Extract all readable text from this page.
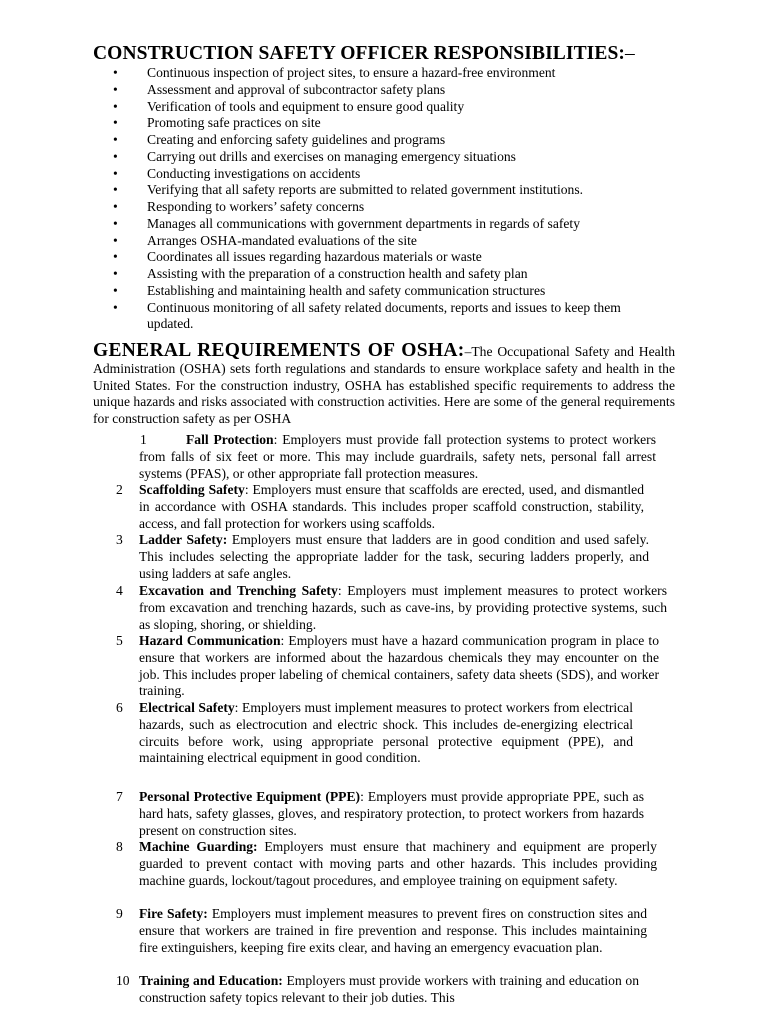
CONSTRUCTION SAFETY OFFICER RESPONSIBILITIES:–
• Continuous inspection of project sites, to ensure a hazard-free environment
• Assessment and approval of subcontractor safety plans
• Verification of tools and equipment to ensure good quality
• Promoting safe practices on site
• Creating and enforcing safety guidelines and programs
• Carrying out drills and exercises on managing emergency situations
• Conducting investigations on accidents
• Verifying that all safety reports are submitted to related government institutions.
• Responding to workers’ safety concerns
• Manages all communications with government departments in regards of safety
• Arranges OSHA-mandated evaluations of the site
• Coordinates all issues regarding hazardous materials or waste
• Assisting with the preparation of a construction health and safety plan
• Establishing and maintaining health and safety communication structures
• Continuous monitoring of all safety related documents, reports and issues to keep them updated.
GENERAL REQUIREMENTS OF OSHA:–The Occupational Safety and Health Administration (OSHA) sets forth regulations and standards to ensure workplace safety and health in the United States. For the construction industry, OSHA has established specific requirements to address the unique hazards and risks associated with construction activities. Here are some of the general requirements for construction safety as per OSHA
1	Fall Protection: Employers must provide fall protection systems to protect workers from falls of six feet or more. This may include guardrails, safety nets, personal fall arrest systems (PFAS), or other appropriate fall protection measures.
2 Scaffolding Safety: Employers must ensure that scaffolds are erected, used, and dismantled in accordance with OSHA standards. This includes proper scaffold construction, stability, access, and fall protection for workers using scaffolds.
3 Ladder Safety: Employers must ensure that ladders are in good condition and used safely. This includes selecting the appropriate ladder for the task, securing ladders properly, and using ladders at safe angles.
4 Excavation and Trenching Safety: Employers must implement measures to protect workers from excavation and trenching hazards, such as cave-ins, by providing protective systems, such as sloping, shoring, or shielding.
5 Hazard Communication: Employers must have a hazard communication program in place to ensure that workers are informed about the hazardous chemicals they may encounter on the job. This includes proper labeling of chemical containers, safety data sheets (SDS), and worker training.
6 Electrical Safety: Employers must implement measures to protect workers from electrical hazards, such as electrocution and electric shock. This includes de-energizing electrical circuits before work, using appropriate personal protective equipment (PPE), and maintaining electrical equipment in good condition.
7 Personal Protective Equipment (PPE): Employers must provide appropriate PPE, such as hard hats, safety glasses, gloves, and respiratory protection, to protect workers from hazards present on construction sites.
8 Machine Guarding: Employers must ensure that machinery and equipment are properly guarded to prevent contact with moving parts and other hazards. This includes providing machine guards, lockout/tagout procedures, and employee training on equipment safety.
9 Fire Safety: Employers must implement measures to prevent fires on construction sites and ensure that workers are trained in fire prevention and response. This includes maintaining fire extinguishers, keeping fire exits clear, and having an emergency evacuation plan.
10 Training and Education: Employers must provide workers with training and education on construction safety topics relevant to their job duties. This
